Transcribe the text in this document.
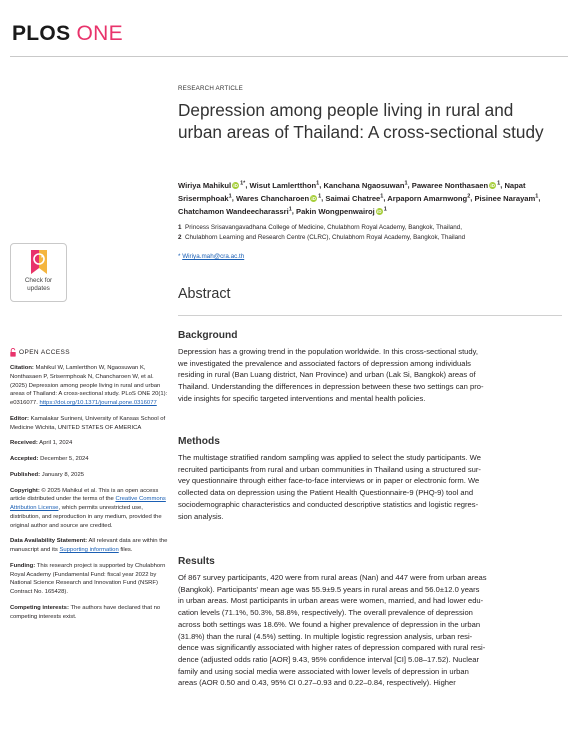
PLOS ONE
RESEARCH ARTICLE
Depression among people living in rural and urban areas of Thailand: A cross-sectional study
Wiriya Mahikul iD $^{1*}$, Wisut Lamlertthon$^1$, Kanchana Ngaosuwan$^1$, Pawaree Nonthasaen iD $^1$, Napat Srisermphoak$^1$, Wares Chancharoen iD $^1$, Saimai Chatree$^1$, Arpaporn Amarnwong$^2$, Pisinee Narayam$^1$, Chatchamon Wandeecharassri$^1$, Pakin Wongpenwairoj iD $^1$
1 Princess Srisavangavadhana College of Medicine, Chulabhorn Royal Academy, Bangkok, Thailand,
2 Chulabhorn Learning and Research Centre (CLRC), Chulabhorn Royal Academy, Bangkok, Thailand
* Wiriya.mah@cra.ac.th
Abstract
Background
Depression has a growing trend in the population worldwide. In this cross-sectional study,
we investigated the prevalence and associated factors of depression among individuals
residing in rural (Ban Luang district, Nan Province) and urban (Lak Si, Bangkok) areas of
Thailand. Understanding the differences in depression between these two settings can pro-
vide insights for specific targeted interventions and mental health policies.
Methods
The multistage stratified random sampling was applied to select the study participants. We
recruited participants from rural and urban communities in Thailand using a structured sur-
vey questionnaire through either face-to-face interviews or in paper or electronic form. We
collected data on depression using the Patient Health Questionnaire-9 (PHQ-9) tool and
sociodemographic characteristics and conducted descriptive statistics and logistic regres-
sion analysis.
Results
Of 867 survey participants, 420 were from rural areas (Nan) and 447 were from urban areas
(Bangkok). Participants' mean age was 55.9±9.5 years in rural areas and 56.0±12.0 years
in urban areas. Most participants in urban areas were women, married, and had lower edu-
cation levels (71.1%, 50.3%, 58.8%, respectively). The overall prevalence of depression
across both settings was 18.6%. We found a higher prevalence of depression in the urban
(31.8%) than the rural (4.5%) setting. In multiple logistic regression analysis, urban resi-
dence was significantly associated with higher rates of depression compared with rural resi-
dence (adjusted odds ratio [AOR] 9.43, 95% confidence interval [CI] 5.08–17.52). Nuclear
family and using social media were associated with lower levels of depression in urban
areas (AOR 0.50 and 0.43, 95% CI 0.27–0.93 and 0.22–0.84, respectively). Higher
Check for
updates
OPEN ACCESS
Citation: Mahikul W, Lamlertthon W, Ngaosuwan K, Nonthasaen P, Srisermphoak N, Chancharoen W, et al. (2025) Depression among people living in rural and urban areas of Thailand: A cross-sectional study. PLoS ONE 20(1): e0316077. https://doi.org/10.1371/journal.pone.0316077
Editor: Kamalakar Surineni, University of Kansas School of Medicine Wichita, UNITED STATES OF AMERICA
Received: April 1, 2024
Accepted: December 5, 2024
Published: January 8, 2025
Copyright: © 2025 Mahikul et al. This is an open access article distributed under the terms of the Creative Commons Attribution License, which permits unrestricted use, distribution, and reproduction in any medium, provided the original author and source are credited.
Data Availability Statement: All relevant data are within the manuscript and its Supporting information files.
Funding: This research project is supported by Chulabhorn Royal Academy (Fundamental Fund: fiscal year 2022 by National Science Research and Innovation Fund (NSRF) Contract No. 165428).
Competing interests: The authors have declared that no competing interests exist.
